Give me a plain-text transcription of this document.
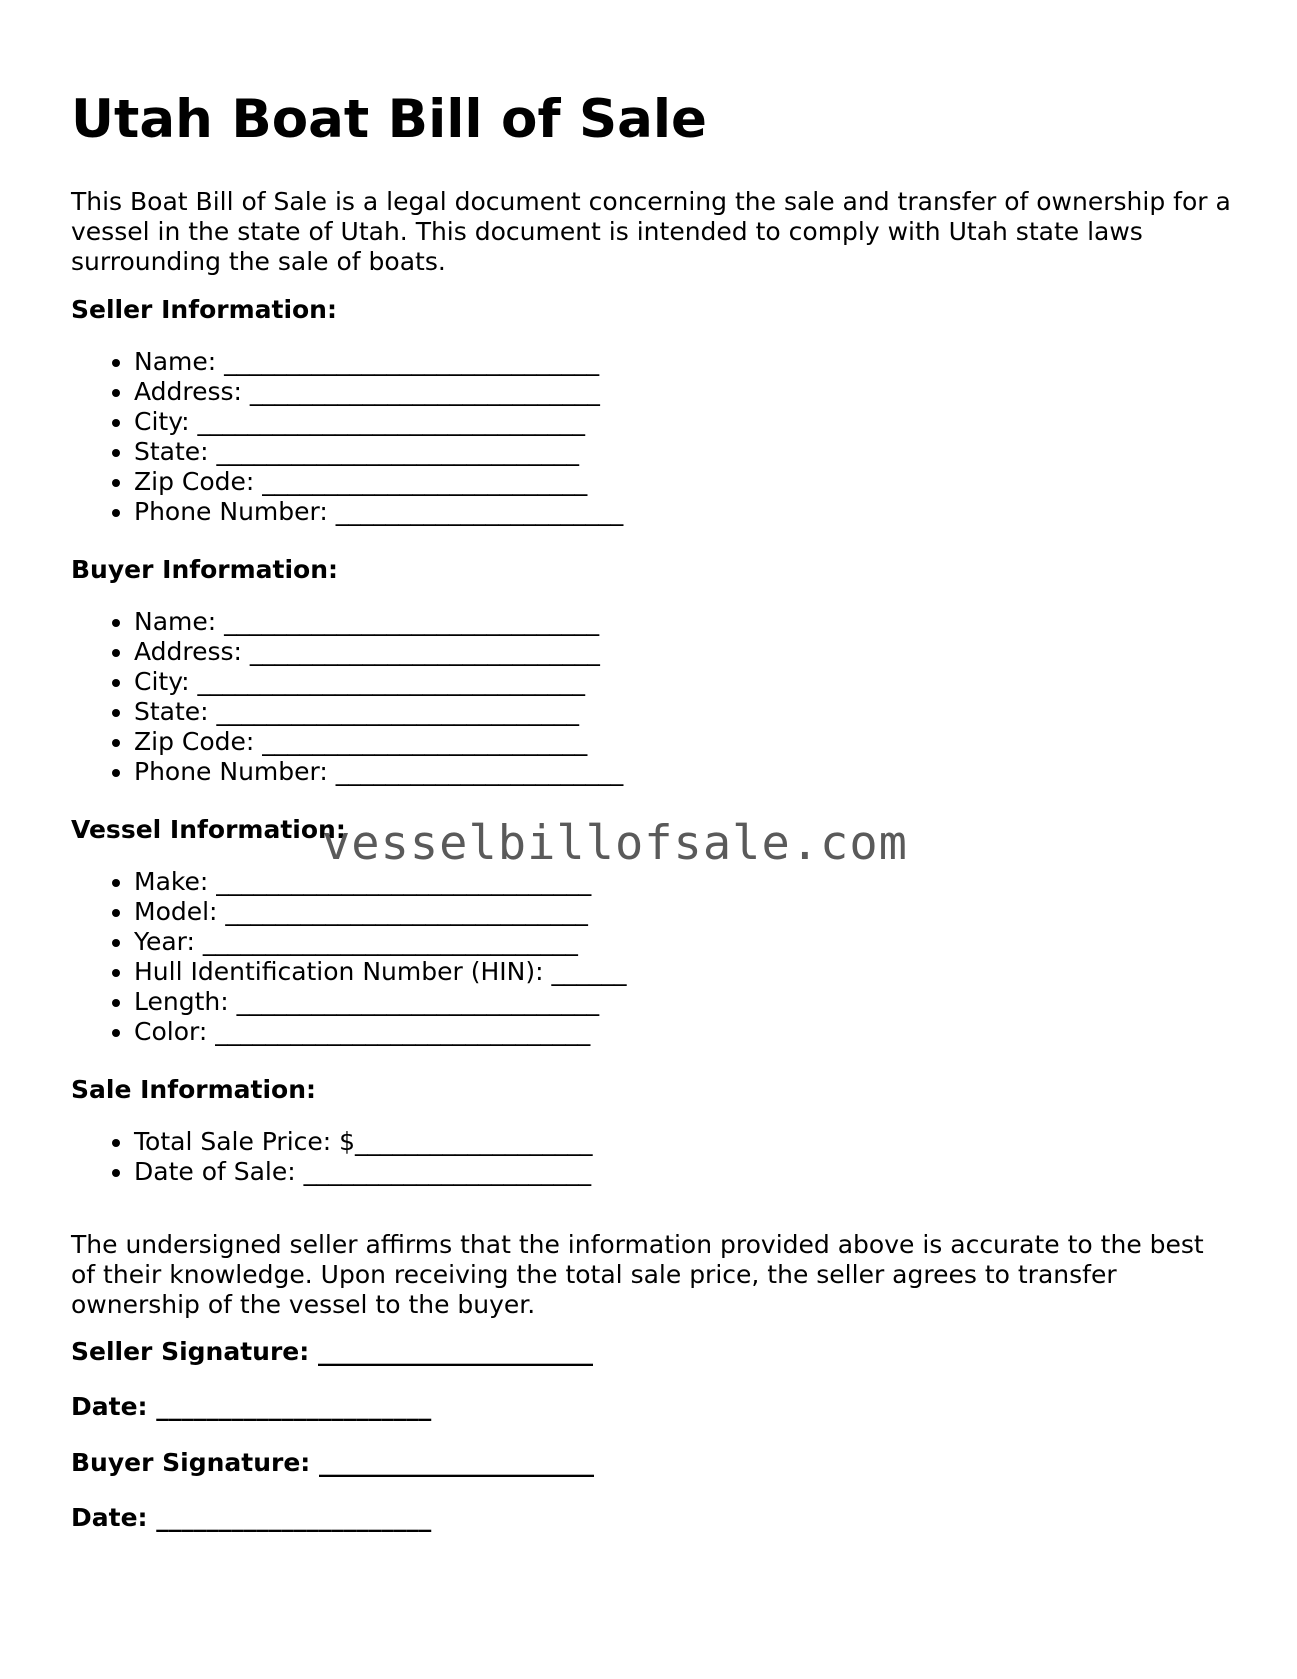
Utah Boat Bill of Sale

This Boat Bill of Sale is a legal document concerning the sale and transfer of ownership for a vessel in the state of Utah. This document is intended to comply with Utah state laws surrounding the sale of boats.

Seller Information:

• Name: ______________________________
• Address: ____________________________
• City: _______________________________
• State: _____________________________
• Zip Code: __________________________
• Phone Number: _______________________

Buyer Information:

• Name: ______________________________
• Address: ____________________________
• City: _______________________________
• State: _____________________________
• Zip Code: __________________________
• Phone Number: _______________________

Vessel Information:

• Make: ______________________________
• Model: _____________________________
• Year: ______________________________
• Hull Identification Number (HIN): ______
• Length: _____________________________
• Color: ______________________________

Sale Information:

• Total Sale Price: $___________________
• Date of Sale: _______________________

The undersigned seller affirms that the information provided above is accurate to the best of their knowledge. Upon receiving the total sale price, the seller agrees to transfer ownership of the vessel to the buyer.

Seller Signature: ______________________

Date: ______________________

Buyer Signature: ______________________

Date: ______________________

vesselbillofsale.com
